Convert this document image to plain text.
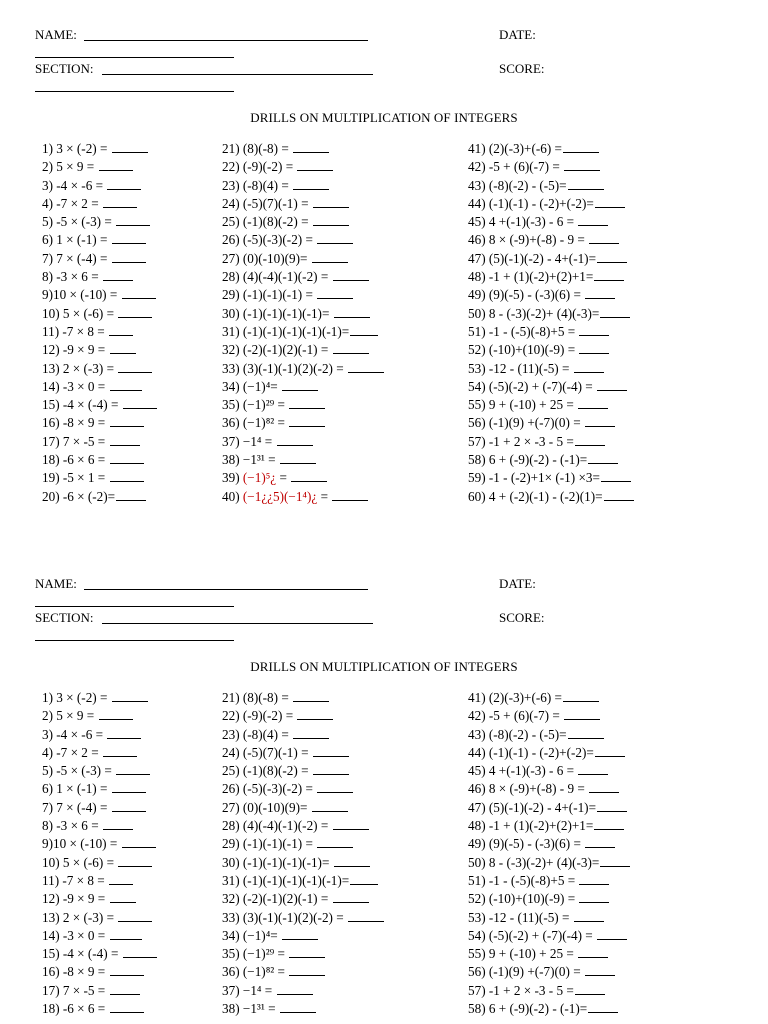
NAME:	DATE:
SECTION:	SCORE:
DRILLS ON MULTIPLICATION OF INTEGERS
1) 3 × (-2) =
2) 5 × 9 =
3) -4 × -6 =
4) -7 × 2 =
5) -5 × (-3) =
6) 1 × (-1) =
7) 7 × (-4) =
8) -3 × 6 =
9)10 × (-10) =
10) 5 × (-6) =
11) -7 × 8 =
12) -9 × 9 =
13) 2 × (-3) =
14) -3 × 0 =
15) -4 × (-4) =
16) -8 × 9 =
17) 7 × -5 =
18) -6 × 6 =
19) -5 × 1 =
20) -6 × (-2)=
21) (8)(-8) =
22) (-9)(-2) =
23) (-8)(4) =
24) (-5)(7)(-1) =
25) (-1)(8)(-2) =
26) (-5)(-3)(-2) =
27) (0)(-10)(9)=
28) (4)(-4)(-1)(-2) =
29) (-1)(-1)(-1) =
30) (-1)(-1)(-1)(-1)=
31) (-1)(-1)(-1)(-1)(-1)=
32) (-2)(-1)(2)(-1) =
33) (3)(-1)(-1)(2)(-2) =
34) (−1)⁴=
35) (−1)²⁹ =
36) (−1)⁸² =
37) −1⁴ =
38) −1³¹ =
39) (−1)⁵¿ =
40) (−1¿¿5)(−1⁴)¿ =
41) (2)(-3)+(-6) =
42) -5 + (6)(-7) =
43) (-8)(-2) - (-5)=
44) (-1)(-1) - (-2)+(-2)=
45) 4 +(-1)(-3) - 6 =
46) 8 × (-9)+(-8) - 9 =
47) (5)(-1)(-2) - 4+(-1)=
48) -1 + (1)(-2)+(2)+1=
49) (9)(-5) - (-3)(6) =
50) 8 - (-3)(-2)+ (4)(-3)=
51) -1 - (-5)(-8)+5 =
52) (-10)+(10)(-9) =
53) -12 - (11)(-5) =
54) (-5)(-2) + (-7)(-4) =
55) 9 + (-10) + 25 =
56) (-1)(9) +(-7)(0) =
57) -1 + 2 × -3 - 5 =
58) 6 + (-9)(-2) - (-1)=
59) -1 - (-2)+1× (-1) ×3=
60) 4 + (-2)(-1) - (-2)(1)=
NAME:	DATE:
SECTION:	SCORE:
DRILLS ON MULTIPLICATION OF INTEGERS
1) 3 × (-2) =
2) 5 × 9 =
3) -4 × -6 =
4) -7 × 2 =
5) -5 × (-3) =
6) 1 × (-1) =
7) 7 × (-4) =
8) -3 × 6 =
9)10 × (-10) =
10) 5 × (-6) =
11) -7 × 8 =
12) -9 × 9 =
13) 2 × (-3) =
14) -3 × 0 =
15) -4 × (-4) =
16) -8 × 9 =
17) 7 × -5 =
18) -6 × 6 =
21) (8)(-8) =
22) (-9)(-2) =
23) (-8)(4) =
24) (-5)(7)(-1) =
25) (-1)(8)(-2) =
26) (-5)(-3)(-2) =
27) (0)(-10)(9)=
28) (4)(-4)(-1)(-2) =
29) (-1)(-1)(-1) =
30) (-1)(-1)(-1)(-1)=
31) (-1)(-1)(-1)(-1)(-1)=
32) (-2)(-1)(2)(-1) =
33) (3)(-1)(-1)(2)(-2) =
34) (−1)⁴=
35) (−1)²⁹ =
36) (−1)⁸² =
37) −1⁴ =
38) −1³¹ =
41) (2)(-3)+(-6) =
42) -5 + (6)(-7) =
43) (-8)(-2) - (-5)=
44) (-1)(-1) - (-2)+(-2)=
45) 4 +(-1)(-3) - 6 =
46) 8 × (-9)+(-8) - 9 =
47) (5)(-1)(-2) - 4+(-1)=
48) -1 + (1)(-2)+(2)+1=
49) (9)(-5) - (-3)(6) =
50) 8 - (-3)(-2)+ (4)(-3)=
51) -1 - (-5)(-8)+5 =
52) (-10)+(10)(-9) =
53) -12 - (11)(-5) =
54) (-5)(-2) + (-7)(-4) =
55) 9 + (-10) + 25 =
56) (-1)(9) +(-7)(0) =
57) -1 + 2 × -3 - 5 =
58) 6 + (-9)(-2) - (-1)=
